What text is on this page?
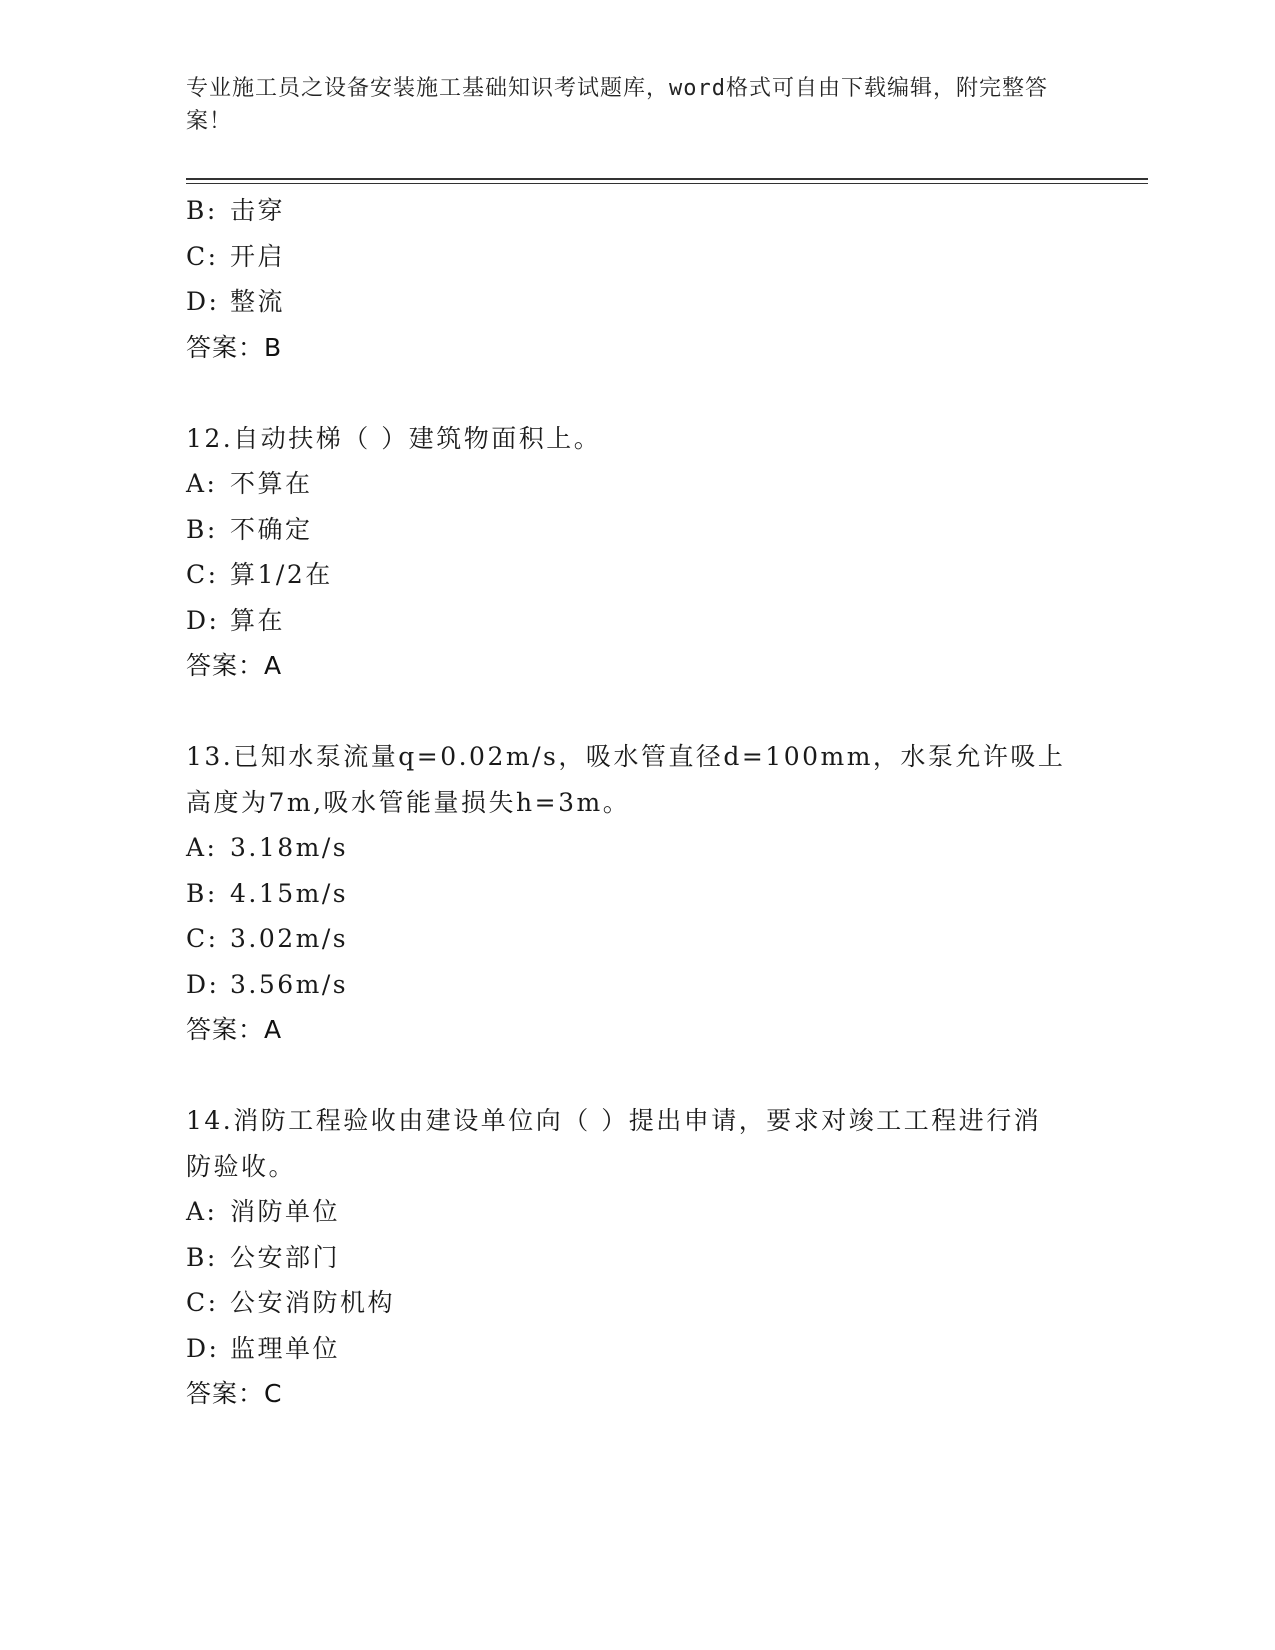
专业施工员之设备安装施工基础知识考试题库，word格式可自由下载编辑，附完整答案！
B: 击穿
C: 开启
D: 整流
答案：B
12.自动扶梯（ ）建筑物面积上。
A: 不算在
B: 不确定
C: 算1/2在
D: 算在
答案：A
13.已知水泵流量q=0.02m/s，吸水管直径d=100mm，水泵允许吸上高度为7m,吸水管能量损失h=3m。
A: 3.18m/s
B: 4.15m/s
C: 3.02m/s
D: 3.56m/s
答案：A
14.消防工程验收由建设单位向（ ）提出申请，要求对竣工工程进行消防验收。
A: 消防单位
B: 公安部门
C: 公安消防机构
D: 监理单位
答案：C
